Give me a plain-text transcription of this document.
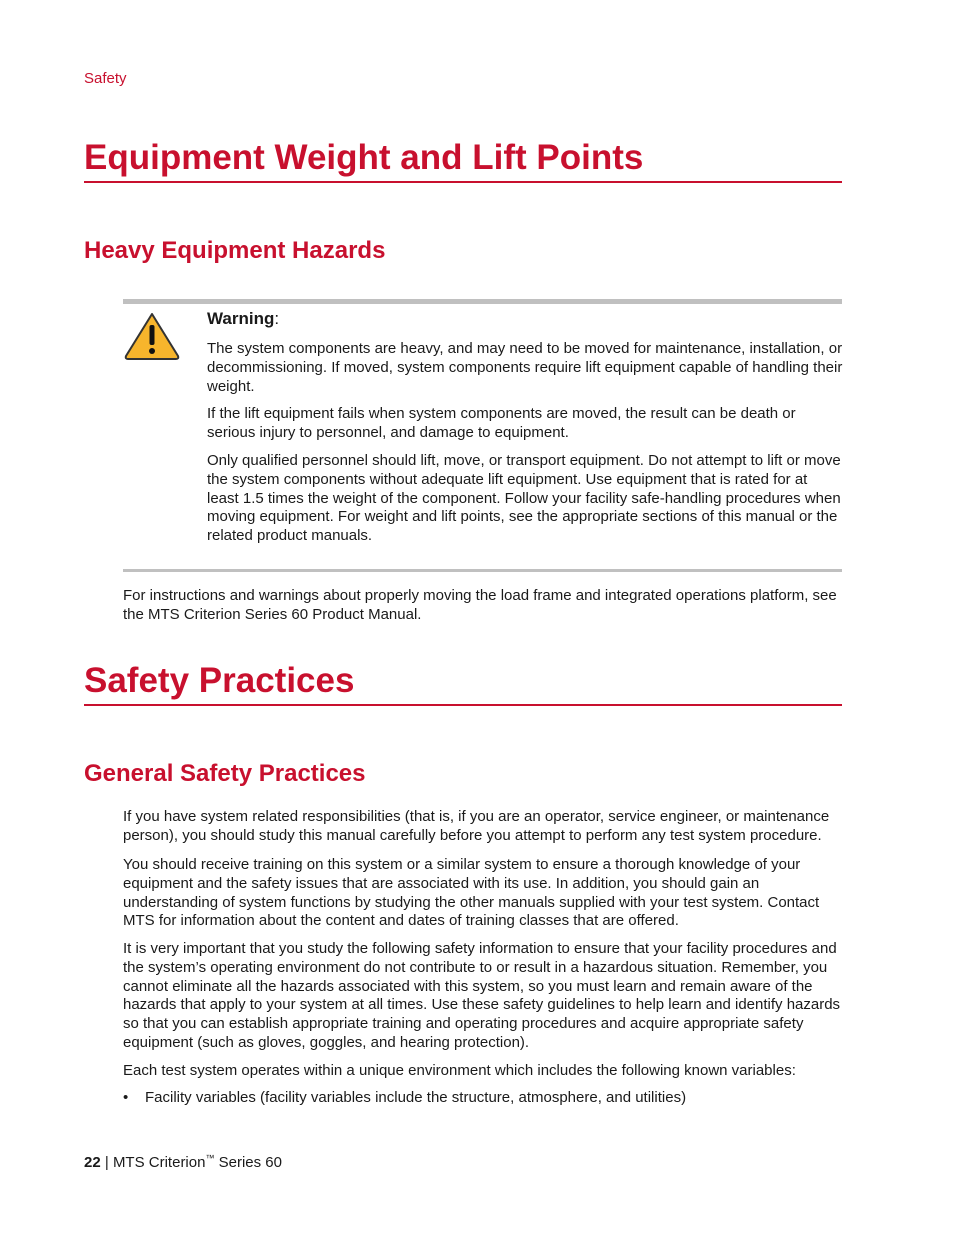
Safety

Equipment Weight and Lift Points
Heavy Equipment Hazards

Warning:

The system components are heavy, and may need to be moved for maintenance, installation, or decommissioning. If moved, system components require lift equipment capable of handling their weight.

If the lift equipment fails when system components are moved, the result can be death or serious injury to personnel, and damage to equipment.

Only qualified personnel should lift, move, or transport equipment. Do not attempt to lift or move the system components without adequate lift equipment. Use equipment that is rated for at least 1.5 times the weight of the component. Follow your facility safe-handling procedures when moving equipment. For weight and lift points, see the appropriate sections of this manual or the related product manuals.

For instructions and warnings about properly moving the load frame and integrated operations platform, see the MTS Criterion Series 60 Product Manual.

Safety Practices
General Safety Practices

If you have system related responsibilities (that is, if you are an operator, service engineer, or maintenance person), you should study this manual carefully before you attempt to perform any test system procedure.

You should receive training on this system or a similar system to ensure a thorough knowledge of your equipment and the safety issues that are associated with its use. In addition, you should gain an understanding of system functions by studying the other manuals supplied with your test system. Contact MTS for information about the content and dates of training classes that are offered.

It is very important that you study the following safety information to ensure that your facility procedures and the system’s operating environment do not contribute to or result in a hazardous situation. Remember, you cannot eliminate all the hazards associated with this system, so you must learn and remain aware of the hazards that apply to your system at all times. Use these safety guidelines to help learn and identify hazards so that you can establish appropriate training and operating procedures and acquire appropriate safety equipment (such as gloves, goggles, and hearing protection).

Each test system operates within a unique environment which includes the following known variables:

• Facility variables (facility variables include the structure, atmosphere, and utilities)

22 | MTS Criterion™ Series 60
